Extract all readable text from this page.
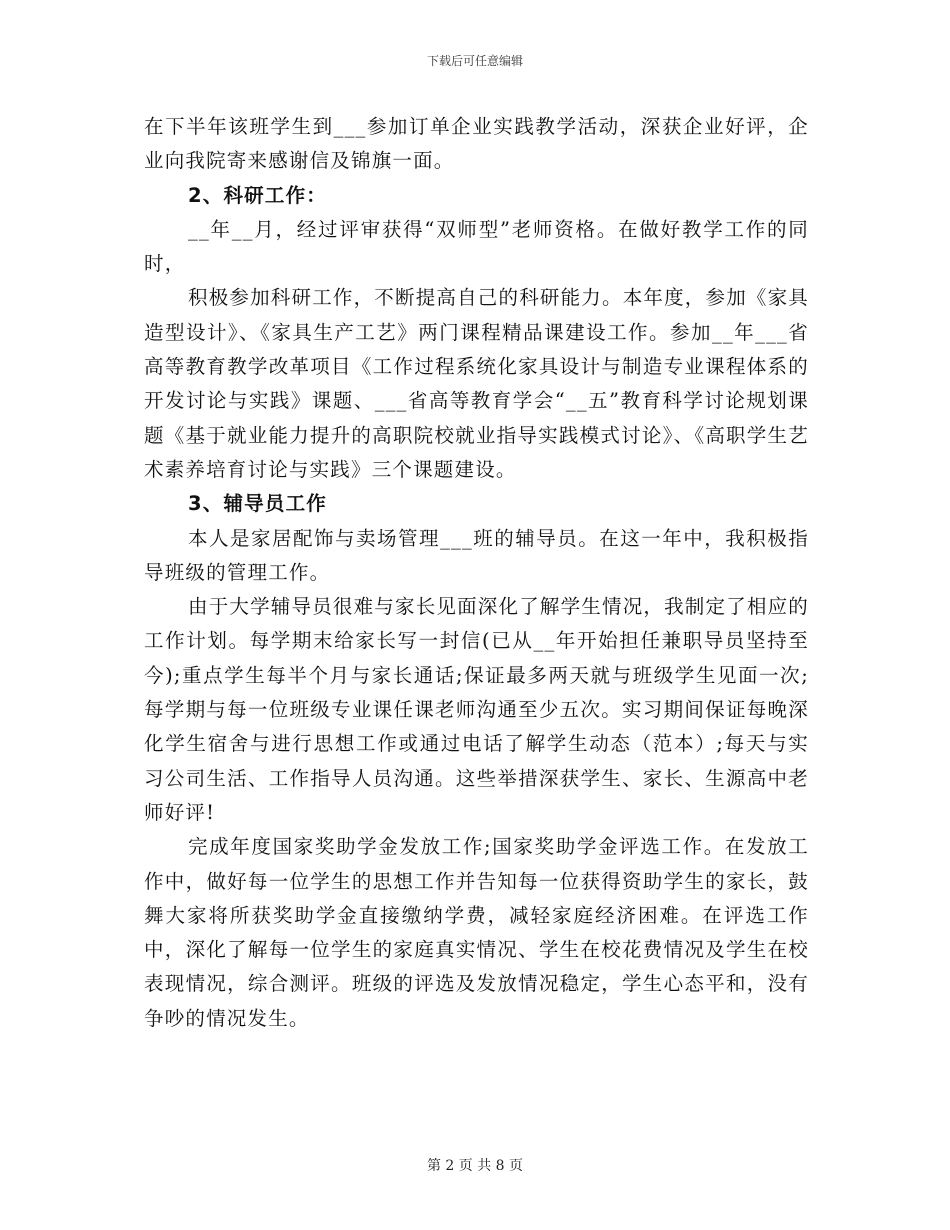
下载后可任意编辑

在下半年该班学生到___参加订单企业实践教学活动，深获企业好评，企业向我院寄来感谢信及锦旗一面。

2、科研工作：

__年__月，经过评审获得“双师型”老师资格。在做好教学工作的同时，

积极参加科研工作，不断提高自己的科研能力。本年度，参加《家具造型设计》、《家具生产工艺》两门课程精品课建设工作。参加__年___省高等教育教学改革项目《工作过程系统化家具设计与制造专业课程体系的开发讨论与实践》课题、___省高等教育学会“__五”教育科学讨论规划课题《基于就业能力提升的高职院校就业指导实践模式讨论》、《高职学生艺术素养培育讨论与实践》三个课题建设。

3、辅导员工作

本人是家居配饰与卖场管理___班的辅导员。在这一年中，我积极指导班级的管理工作。

由于大学辅导员很难与家长见面深化了解学生情况，我制定了相应的工作计划。每学期末给家长写一封信(已从__年开始担任兼职导员坚持至今);重点学生每半个月与家长通话;保证最多两天就与班级学生见面一次;每学期与每一位班级专业课任课老师沟通至少五次。实习期间保证每晚深化学生宿舍与进行思想工作或通过电话了解学生动态（范本）;每天与实习公司生活、工作指导人员沟通。这些举措深获学生、家长、生源高中老师好评!

完成年度国家奖助学金发放工作;国家奖助学金评选工作。在发放工作中，做好每一位学生的思想工作并告知每一位获得资助学生的家长，鼓舞大家将所获奖助学金直接缴纳学费，减轻家庭经济困难。在评选工作中，深化了解每一位学生的家庭真实情况、学生在校花费情况及学生在校表现情况，综合测评。班级的评选及发放情况稳定，学生心态平和，没有争吵的情况发生。

第 2 页 共 8 页
